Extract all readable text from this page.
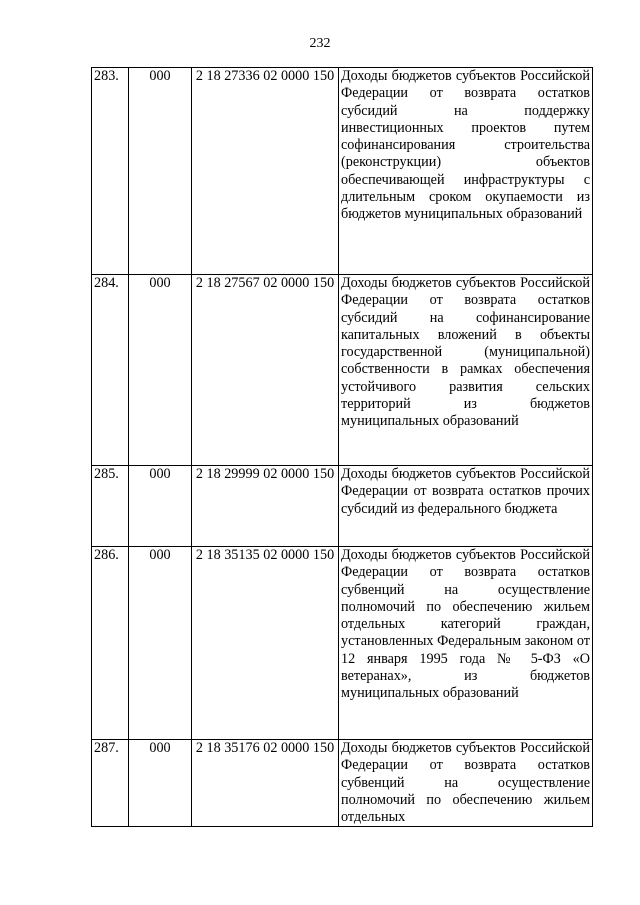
232
283.	000	2 18 27336 02 0000 150	Доходы бюджетов субъектов Российской Федерации от возврата остатков субсидий на поддержку инвестиционных проектов путем софинансирования строительства (реконструкции) объектов обеспечивающей инфраструктуры с длительным сроком окупаемости из бюджетов муниципальных образований
284.	000	2 18 27567 02 0000 150	Доходы бюджетов субъектов Российской Федерации от возврата остатков субсидий на софинансирование капитальных вложений в объекты государственной (муниципальной) собственности в рамках обеспечения устойчивого развития сельских территорий из бюджетов муниципальных образований
285.	000	2 18 29999 02 0000 150	Доходы бюджетов субъектов Российской Федерации от возврата остатков прочих субсидий из федерального бюджета
286.	000	2 18 35135 02 0000 150	Доходы бюджетов субъектов Российской Федерации от возврата остатков субвенций на осуществление полномочий по обеспечению жильем отдельных категорий граждан, установленных Федеральным законом от 12 января 1995 года № 5-ФЗ «О ветеранах», из бюджетов муниципальных образований
287.	000	2 18 35176 02 0000 150	Доходы бюджетов субъектов Российской Федерации от возврата остатков субвенций на осуществление полномочий по обеспечению жильем отдельных
